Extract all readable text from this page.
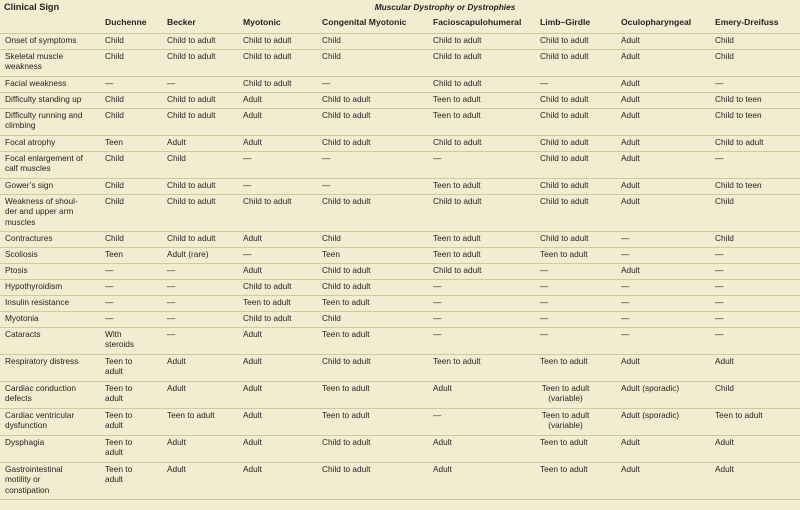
Clinical Sign	Muscular Dystrophy or Dystrophies							
	Duchenne	Becker	Myotonic	Congenital Myotonic	Facioscapulohumeral	Limb–Girdle	Oculopharyngeal	Emery-Dreifuss
Onset of symptoms	Child	Child to adult	Child to adult	Child	Child to adult	Child to adult	Adult	Child
Skeletal muscle weakness	Child	Child to adult	Child to adult	Child	Child to adult	Child to adult	Adult	Child
Facial weakness	—	—	Child to adult	—	Child to adult	—	Adult	—
Difficulty standing up	Child	Child to adult	Adult	Child to adult	Teen to adult	Child to adult	Adult	Child to teen
Difficulty running and climbing	Child	Child to adult	Adult	Child to adult	Teen to adult	Child to adult	Adult	Child to teen
Focal atrophy	Teen	Adult	Adult	Child to adult	Child to adult	Child to adult	Adult	Child to adult
Focal enlargement of calf muscles	Child	Child	—	—	—	Child to adult	Adult	—
Gower’s sign	Child	Child to adult	—	—	Teen to adult	Child to adult	Adult	Child to teen
Weakness of shoul-der and upper arm muscles	Child	Child to adult	Child to adult	Child to adult	Child to adult	Child to adult	Adult	Child
Contractures	Child	Child to adult	Adult	Child	Teen to adult	Child to adult	—	Child
Scoliosis	Teen	Adult (rare)	—	Teen	Teen to adult	Teen to adult	—	—
Ptosis	—	—	Adult	Child to adult	Child to adult	—	Adult	—
Hypothyroidism	—	—	Child to adult	Child to adult	—	—	—	—
Insulin resistance	—	—	Teen to adult	Teen to adult	—	—	—	—
Myotonia	—	—	Child to adult	Child	—	—	—	—
Cataracts	With steroids	—	Adult	Teen to adult	—	—	—	—
Respiratory distress	Teen to adult	Adult	Adult	Child to adult	Teen to adult	Teen to adult	Adult	Adult
Cardiac conduction defects	Teen to adult	Adult	Adult	Teen to adult	Adult	Teen to adult (variable)	Adult (sporadic)	Child
Cardiac ventricular dysfunction	Teen to adult	Teen to adult	Adult	Teen to adult	—	Teen to adult (variable)	Adult (sporadic)	Teen to adult
Dysphagia	Teen to adult	Adult	Adult	Child to adult	Adult	Teen to adult	Adult	Adult
Gastrointestinal motility or constipation	Teen to adult	Adult	Adult	Child to adult	Adult	Teen to adult	Adult	Adult
